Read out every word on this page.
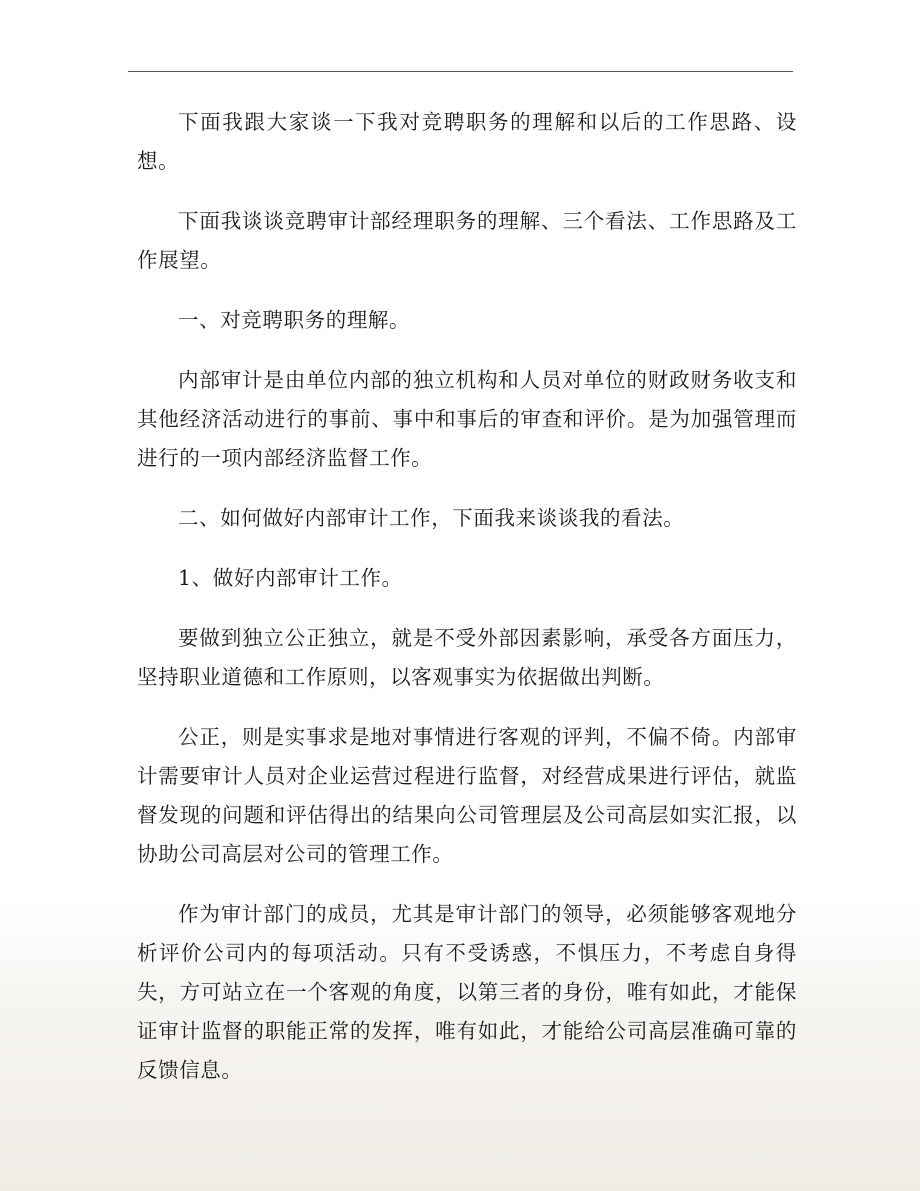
下面我跟大家谈一下我对竞聘职务的理解和以后的工作思路、设想。

下面我谈谈竞聘审计部经理职务的理解、三个看法、工作思路及工作展望。

一、对竞聘职务的理解。

内部审计是由单位内部的独立机构和人员对单位的财政财务收支和其他经济活动进行的事前、事中和事后的审查和评价。是为加强管理而进行的一项内部经济监督工作。

二、如何做好内部审计工作，下面我来谈谈我的看法。

1、做好内部审计工作。

要做到独立公正独立，就是不受外部因素影响，承受各方面压力，坚持职业道德和工作原则，以客观事实为依据做出判断。

公正，则是实事求是地对事情进行客观的评判，不偏不倚。内部审计需要审计人员对企业运营过程进行监督，对经营成果进行评估，就监督发现的问题和评估得出的结果向公司管理层及公司高层如实汇报，以协助公司高层对公司的管理工作。

作为审计部门的成员，尤其是审计部门的领导，必须能够客观地分析评价公司内的每项活动。只有不受诱惑，不惧压力，不考虑自身得失，方可站立在一个客观的角度，以第三者的身份，唯有如此，才能保证审计监督的职能正常的发挥，唯有如此，才能给公司高层准确可靠的反馈信息。
